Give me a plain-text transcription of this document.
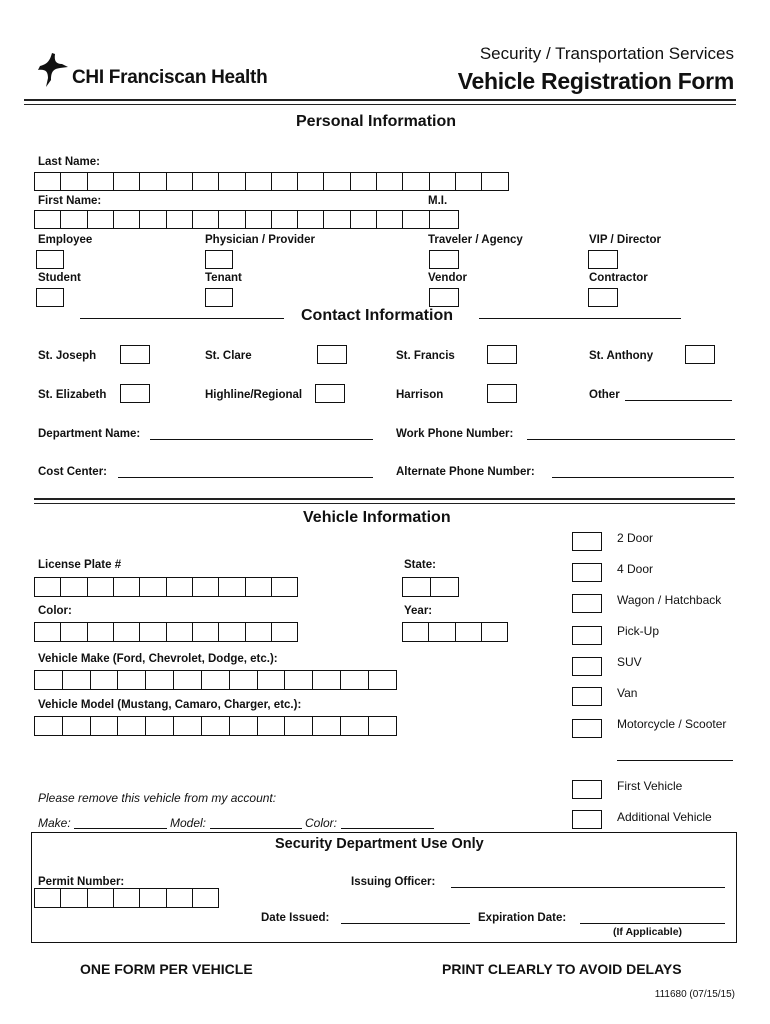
CHI Franciscan Health
Security / Transportation Services
Vehicle Registration Form
Personal Information
Last Name:
First Name:	M.I.
Employee	Physician / Provider	Traveler / Agency	VIP / Director
Student	Tenant	Vendor	Contractor
Contact Information
St. Joseph	St. Clare	St. Francis	St. Anthony
St. Elizabeth	Highline/Regional	Harrison	Other
Department Name:	Work Phone Number:
Cost Center:	Alternate Phone Number:
Vehicle Information
License Plate #	State:
Color:	Year:
Vehicle Make (Ford, Chevrolet, Dodge, etc.):
Vehicle Model (Mustang, Camaro, Charger, etc.):
2 Door
4 Door
Wagon / Hatchback
Pick-Up
SUV
Van
Motorcycle / Scooter
First Vehicle
Additional Vehicle
Please remove this vehicle from my account:
Make:	Model:	Color:
Security Department Use Only
Permit Number:	Issuing Officer:
Date Issued:	Expiration Date:
(If Applicable)
ONE FORM PER VEHICLE	PRINT CLEARLY TO AVOID DELAYS
111680 (07/15/15)
